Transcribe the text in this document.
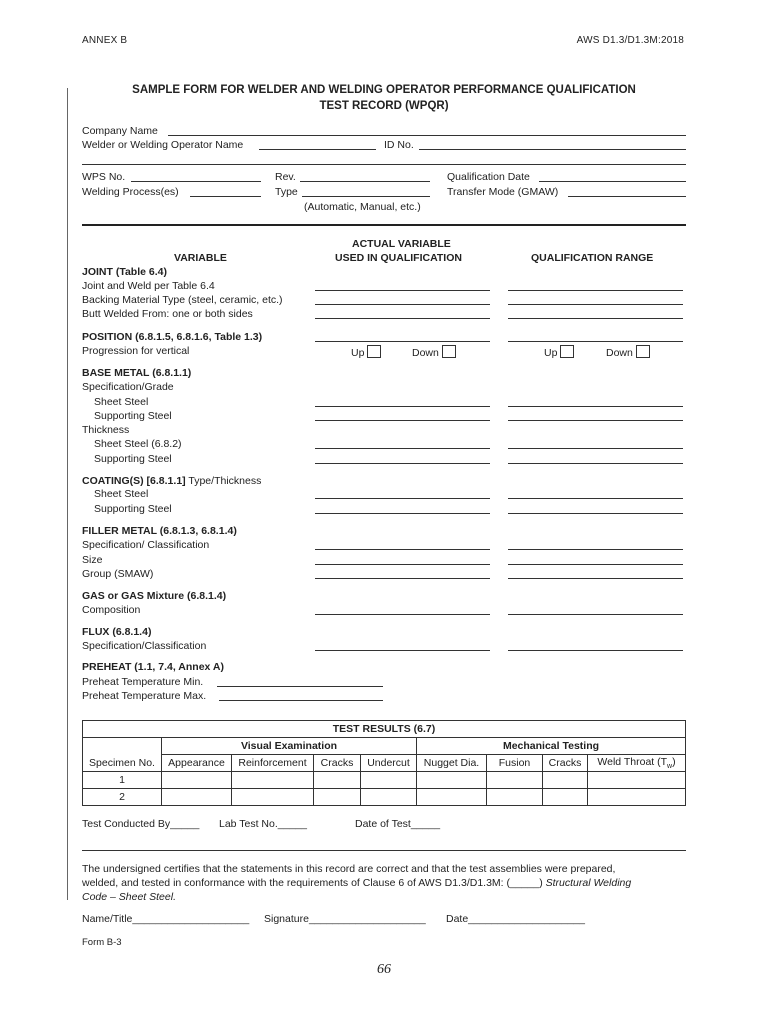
ANNEX B	AWS D1.3/D1.3M:2018
SAMPLE FORM FOR WELDER AND WELDING OPERATOR PERFORMANCE QUALIFICATION
TEST RECORD (WPQR)
Company Name
Welder or Welding Operator Name	ID No.
WPS No.	Rev.	Qualification Date
Welding Process(es)	Type	Transfer Mode (GMAW)
(Automatic, Manual, etc.)
VARIABLE
ACTUAL VARIABLE
USED IN QUALIFICATION	QUALIFICATION RANGE
JOINT (Table 6.4)
Joint and Weld per Table 6.4
Backing Material Type (steel, ceramic, etc.)
Butt Welded From: one or both sides
POSITION (6.8.1.5, 6.8.1.6, Table 1.3)
Progression for vertical	Up	Down	Up	Down
BASE METAL (6.8.1.1)
Specification/Grade
Sheet Steel
Supporting Steel
Thickness
Sheet Steel (6.8.2)
Supporting Steel
COATING(S) [6.8.1.1] Type/Thickness
Sheet Steel
Supporting Steel
FILLER METAL (6.8.1.3, 6.8.1.4)
Specification/ Classification
Size
Group (SMAW)
GAS or GAS Mixture (6.8.1.4)
Composition
FLUX (6.8.1.4)
Specification/Classification
PREHEAT (1.1, 7.4, Annex A)
Preheat Temperature Min.
Preheat Temperature Max.
TEST RESULTS (6.7)								
	Visual Examination				Mechanical Testing			
Specimen No.	Appearance	Reinforcement	Cracks	Undercut	Nugget Dia.	Fusion	Cracks	Weld Throat $(T_w)$
1								
2								
Test Conducted By_____ Lab Test No._____	Date of Test_____
The undersigned certifies that the statements in this record are correct and that the test assemblies were prepared,
welded, and tested in conformance with the requirements of Clause 6 of AWS D1.3/D1.3M: (_____) Structural Welding
Code – Sheet Steel.
Name/Title____________________ Signature____________________ Date____________________
Form B-3
66
